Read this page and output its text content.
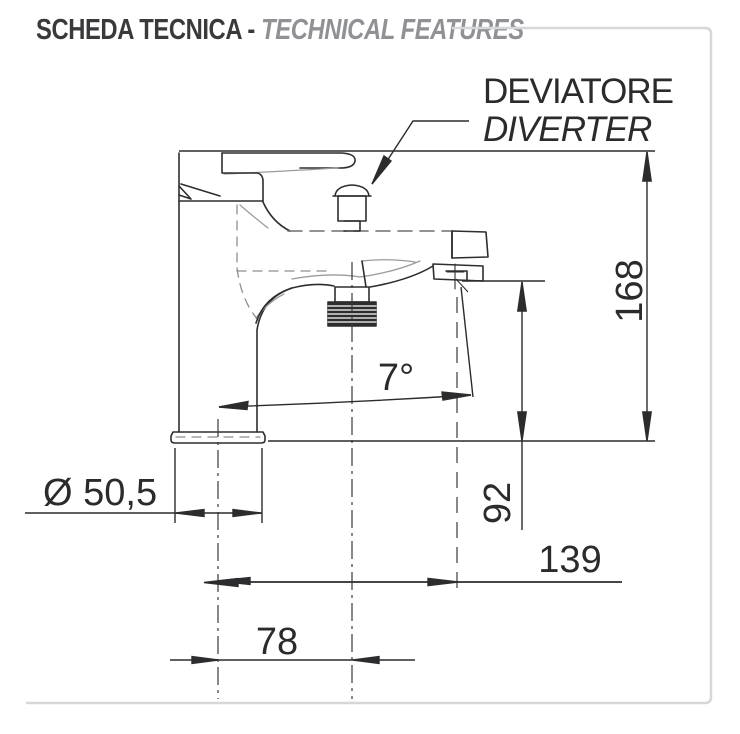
SCHEDA TECNICA - TECHNICAL FEATURES
DEVIATORE
DIVERTER
168
92
139
78
Ø 50,5
7°
